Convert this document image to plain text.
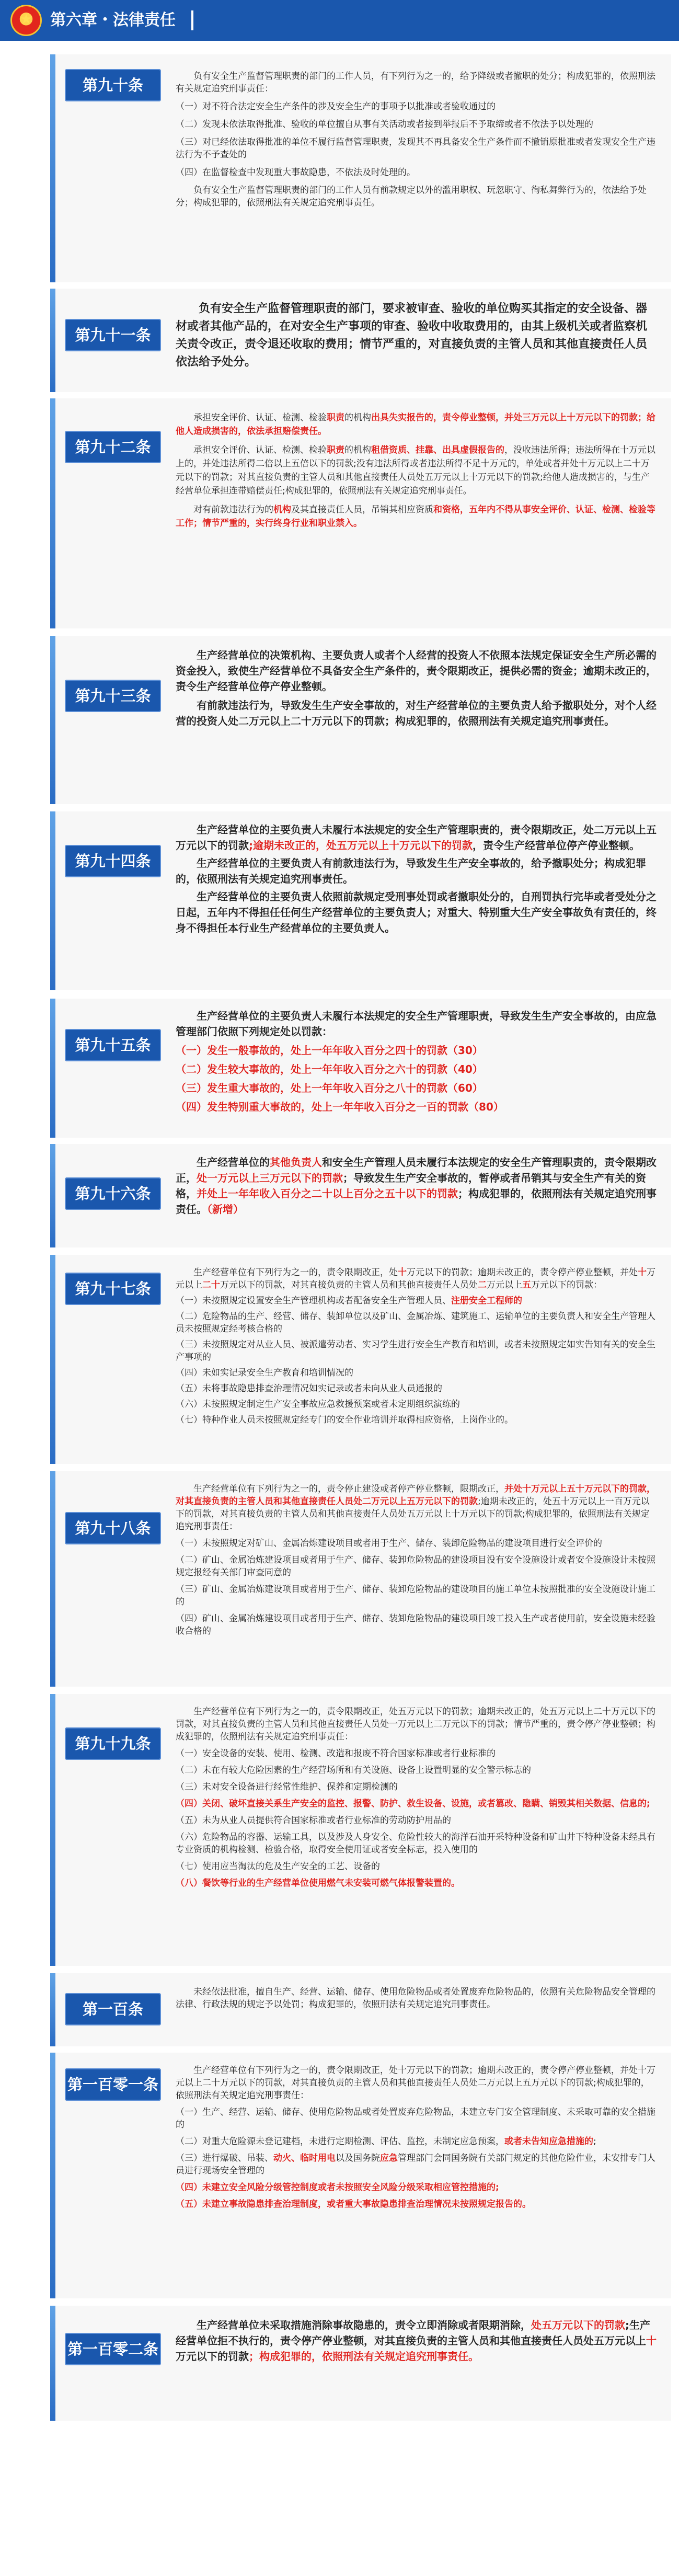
★	第六章・法律责任
第九十条	负有安全生产监督管理职责的部门的工作人员，有下列行为之一的，给予降级或者撤职的处分；构成犯罪的，依照刑法有关规定追究刑事责任：

（一）对不符合法定安全生产条件的涉及安全生产的事项予以批准或者验收通过的

（二）发现未依法取得批准、验收的单位擅自从事有关活动或者接到举报后不予取缔或者不依法予以处理的

（三）对已经依法取得批准的单位不履行监督管理职责，发现其不再具备安全生产条件而不撤销原批准或者发现安全生产违法行为不予查处的

（四）在监督检查中发现重大事故隐患，不依法及时处理的。

负有安全生产监督管理职责的部门的工作人员有前款规定以外的滥用职权、玩忽职守、徇私舞弊行为的，依法给予处分；构成犯罪的，依照刑法有关规定追究刑事责任。

第九十一条

负有安全生产监督管理职责的部门，要求被审查、验收的单位购买其指定的安全设备、器材或者其他产品的，在对安全生产事项的审查、验收中收取费用的，由其上级机关或者监察机关责令改正，责令退还收取的费用；情节严重的，对直接负责的主管人员和其他直接责任人员依法给予处分。

第九十二条

承担安全评价、认证、检测、检验职责的机构出具失实报告的，责令停业整顿，并处三万元以上十万元以下的罚款；给他人造成损害的，依法承担赔偿责任。

承担安全评价、认证、检测、检验职责的机构租借资质、挂靠、出具虚假报告的，没收违法所得；违法所得在十万元以上的，并处违法所得二倍以上五倍以下的罚款;没有违法所得或者违法所得不足十万元的，单处或者并处十万元以上二十万元以下的罚款；对其直接负责的主管人员和其他直接责任人员处五万元以上十万元以下的罚款;给他人造成损害的，与生产经营单位承担连带赔偿责任;构成犯罪的，依照刑法有关规定追究刑事责任。

对有前款违法行为的机构及其直接责任人员，吊销其相应资质和资格，五年内不得从事安全评价、认证、检测、检验等工作；情节严重的，实行终身行业和职业禁入。

第九十三条

生产经营单位的决策机构、主要负责人或者个人经营的投资人不依照本法规定保证安全生产所必需的资金投入，致使生产经营单位不具备安全生产条件的，责令限期改正，提供必需的资金；逾期未改正的，责令生产经营单位停产停业整顿。

有前款违法行为，导致发生生产安全事故的，对生产经营单位的主要负责人给予撤职处分，对个人经营的投资人处二万元以上二十万元以下的罚款；构成犯罪的，依照刑法有关规定追究刑事责任。

第九十四条

生产经营单位的主要负责人未履行本法规定的安全生产管理职责的，责令限期改正，处二万元以上五万元以下的罚款;逾期未改正的，处五万元以上十万元以下的罚款，责令生产经营单位停产停业整顿。

生产经营单位的主要负责人有前款违法行为，导致发生生产安全事故的，给予撤职处分；构成犯罪的，依照刑法有关规定追究刑事责任。

生产经营单位的主要负责人依照前款规定受刑事处罚或者撤职处分的，自刑罚执行完毕或者受处分之日起，五年内不得担任任何生产经营单位的主要负责人；对重大、特别重大生产安全事故负有责任的，终身不得担任本行业生产经营单位的主要负责人。

第九十五条

生产经营单位的主要负责人未履行本法规定的安全生产管理职责，导致发生生产安全事故的，由应急管理部门依照下列规定处以罚款：

（一）发生一般事故的，处上一年年收入百分之四十的罚款（30）

（二）发生较大事故的，处上一年年收入百分之六十的罚款（40）

（三）发生重大事故的，处上一年年收入百分之八十的罚款（60）

（四）发生特别重大事故的，处上一年年收入百分之一百的罚款（80）

第九十六条

生产经营单位的其他负责人和安全生产管理人员未履行本法规定的安全生产管理职责的，责令限期改正，处一万元以上三万元以下的罚款；导致发生生产安全事故的，暂停或者吊销其与安全生产有关的资格，并处上一年年收入百分之二十以上百分之五十以下的罚款；构成犯罪的，依照刑法有关规定追究刑事责任。（新增）

第九十七条

生产经营单位有下列行为之一的，责令限期改正，处十万元以下的罚款；逾期未改正的，责令停产停业整顿，并处十万元以上二十万元以下的罚款，对其直接负责的主管人员和其他直接责任人员处二万元以上五万元以下的罚款：

（一）未按照规定设置安全生产管理机构或者配备安全生产管理人员、注册安全工程师的

（二）危险物品的生产、经营、储存、装卸单位以及矿山、金属冶炼、建筑施工、运输单位的主要负责人和安全生产管理人员未按照规定经考核合格的

（三）未按照规定对从业人员、被派遣劳动者、实习学生进行安全生产教育和培训，或者未按照规定如实告知有关的安全生产事项的

（四）未如实记录安全生产教育和培训情况的

（五）未将事故隐患排查治理情况如实记录或者未向从业人员通报的

（六）未按照规定制定生产安全事故应急救援预案或者未定期组织演练的

（七）特种作业人员未按照规定经专门的安全作业培训并取得相应资格，上岗作业的。

第九十八条

生产经营单位有下列行为之一的，责令停止建设或者停产停业整顿，限期改正，并处十万元以上五十万元以下的罚款，对其直接负责的主管人员和其他直接责任人员处二万元以上五万元以下的罚款;逾期未改正的，处五十万元以上一百万元以下的罚款，对其直接负责的主管人员和其他直接责任人员处五万元以上十万元以下的罚款;构成犯罪的，依照刑法有关规定追究刑事责任：

（一）未按照规定对矿山、金属冶炼建设项目或者用于生产、储存、装卸危险物品的建设项目进行安全评价的

（二）矿山、金属冶炼建设项目或者用于生产、储存、装卸危险物品的建设项目没有安全设施设计或者安全设施设计未按照规定报经有关部门审查同意的

（三）矿山、金属冶炼建设项目或者用于生产、储存、装卸危险物品的建设项目的施工单位未按照批准的安全设施设计施工的

（四）矿山、金属冶炼建设项目或者用于生产、储存、装卸危险物品的建设项目竣工投入生产或者使用前，安全设施未经验收合格的

第九十九条

生产经营单位有下列行为之一的，责令限期改正，处五万元以下的罚款；逾期未改正的，处五万元以上二十万元以下的罚款，对其直接负责的主管人员和其他直接责任人员处一万元以上二万元以下的罚款；情节严重的，责令停产停业整顿；构成犯罪的，依照刑法有关规定追究刑事责任：

（一）安全设备的安装、使用、检测、改造和报废不符合国家标准或者行业标准的

（二）未在有较大危险因素的生产经营场所和有关设施、设备上设置明显的安全警示标志的

（三）未对安全设备进行经常性维护、保养和定期检测的

（四）关闭、破坏直接关系生产安全的监控、报警、防护、救生设备、设施，或者篡改、隐瞒、销毁其相关数据、信息的;

（五）未为从业人员提供符合国家标准或者行业标准的劳动防护用品的

（六）危险物品的容器、运输工具，以及涉及人身安全、危险性较大的海洋石油开采特种设备和矿山井下特种设备未经具有专业资质的机构检测、检验合格，取得安全使用证或者安全标志，投入使用的

（七）使用应当淘汰的危及生产安全的工艺、设备的

（八）餐饮等行业的生产经营单位使用燃气未安装可燃气体报警装置的。

第一百条

未经依法批准，擅自生产、经营、运输、储存、使用危险物品或者处置废弃危险物品的，依照有关危险物品安全管理的法律、行政法规的规定予以处罚；构成犯罪的，依照刑法有关规定追究刑事责任。

第一百零一条

生产经营单位有下列行为之一的，责令限期改正，处十万元以下的罚款；逾期未改正的，责令停产停业整顿，并处十万元以上二十万元以下的罚款，对其直接负责的主管人员和其他直接责任人员处二万元以上五万元以下的罚款;构成犯罪的，依照刑法有关规定追究刑事责任：

（一）生产、经营、运输、储存、使用危险物品或者处置废弃危险物品，未建立专门安全管理制度、未采取可靠的安全措施的

（二）对重大危险源未登记建档，未进行定期检测、评估、监控，未制定应急预案，或者未告知应急措施的;

（三）进行爆破、吊装、动火、临时用电以及国务院应急管理部门会同国务院有关部门规定的其他危险作业，未安排专门人员进行现场安全管理的

（四）未建立安全风险分级管控制度或者未按照安全风险分级采取相应管控措施的;

（五）未建立事故隐患排查治理制度，或者重大事故隐患排查治理情况未按照规定报告的。

第一百零二条

生产经营单位未采取措施消除事故隐患的，责令立即消除或者限期消除，处五万元以下的罚款;生产经营单位拒不执行的，责令停产停业整顿，对其直接负责的主管人员和其他直接责任人员处五万元以上十万元以下的罚款；构成犯罪的，依照刑法有关规定追究刑事责任。
